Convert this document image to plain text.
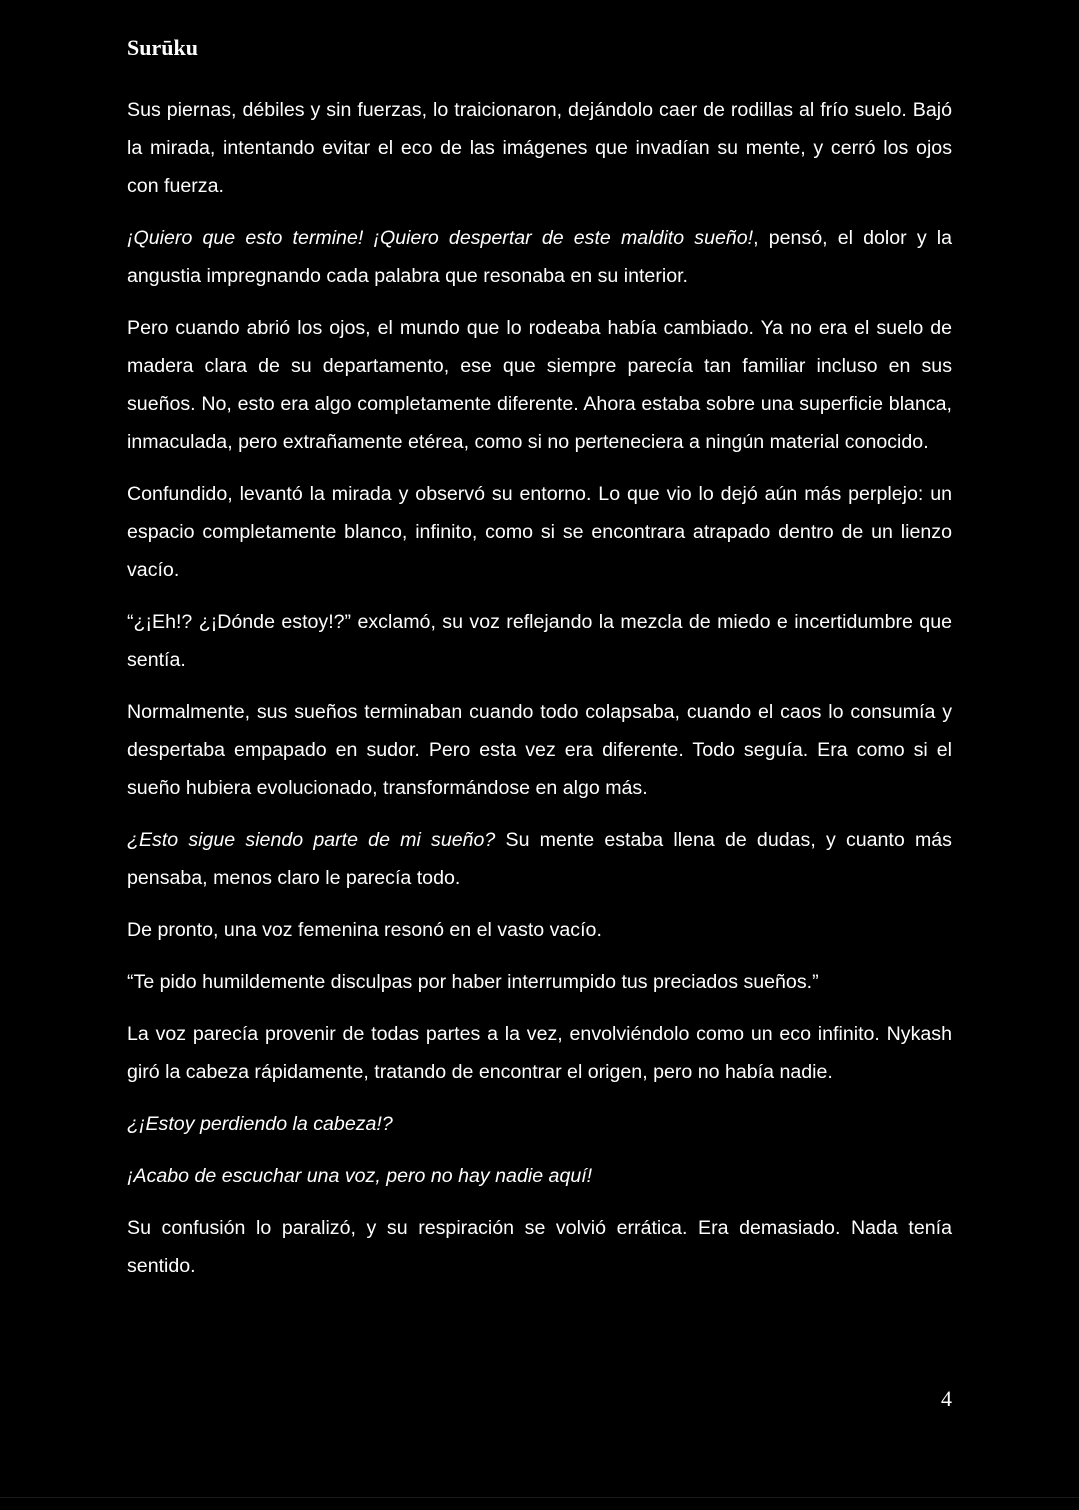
Surūku

Sus piernas, débiles y sin fuerzas, lo traicionaron, dejándolo caer de rodillas al frío suelo. Bajó la mirada, intentando evitar el eco de las imágenes que invadían su mente, y cerró los ojos con fuerza.

¡Quiero que esto termine! ¡Quiero despertar de este maldito sueño!, pensó, el dolor y la angustia impregnando cada palabra que resonaba en su interior.

Pero cuando abrió los ojos, el mundo que lo rodeaba había cambiado. Ya no era el suelo de madera clara de su departamento, ese que siempre parecía tan familiar incluso en sus sueños. No, esto era algo completamente diferente. Ahora estaba sobre una superficie blanca, inmaculada, pero extrañamente etérea, como si no perteneciera a ningún material conocido.

Confundido, levantó la mirada y observó su entorno. Lo que vio lo dejó aún más perplejo: un espacio completamente blanco, infinito, como si se encontrara atrapado dentro de un lienzo vacío.

“¿¡Eh!? ¿¡Dónde estoy!?” exclamó, su voz reflejando la mezcla de miedo e incertidumbre que sentía.

Normalmente, sus sueños terminaban cuando todo colapsaba, cuando el caos lo consumía y despertaba empapado en sudor. Pero esta vez era diferente. Todo seguía. Era como si el sueño hubiera evolucionado, transformándose en algo más.

¿Esto sigue siendo parte de mi sueño? Su mente estaba llena de dudas, y cuanto más pensaba, menos claro le parecía todo.

De pronto, una voz femenina resonó en el vasto vacío.

“Te pido humildemente disculpas por haber interrumpido tus preciados sueños.”

La voz parecía provenir de todas partes a la vez, envolviéndolo como un eco infinito. Nykash giró la cabeza rápidamente, tratando de encontrar el origen, pero no había nadie.

¿¡Estoy perdiendo la cabeza!?

¡Acabo de escuchar una voz, pero no hay nadie aquí!

Su confusión lo paralizó, y su respiración se volvió errática. Era demasiado. Nada tenía sentido.

4
